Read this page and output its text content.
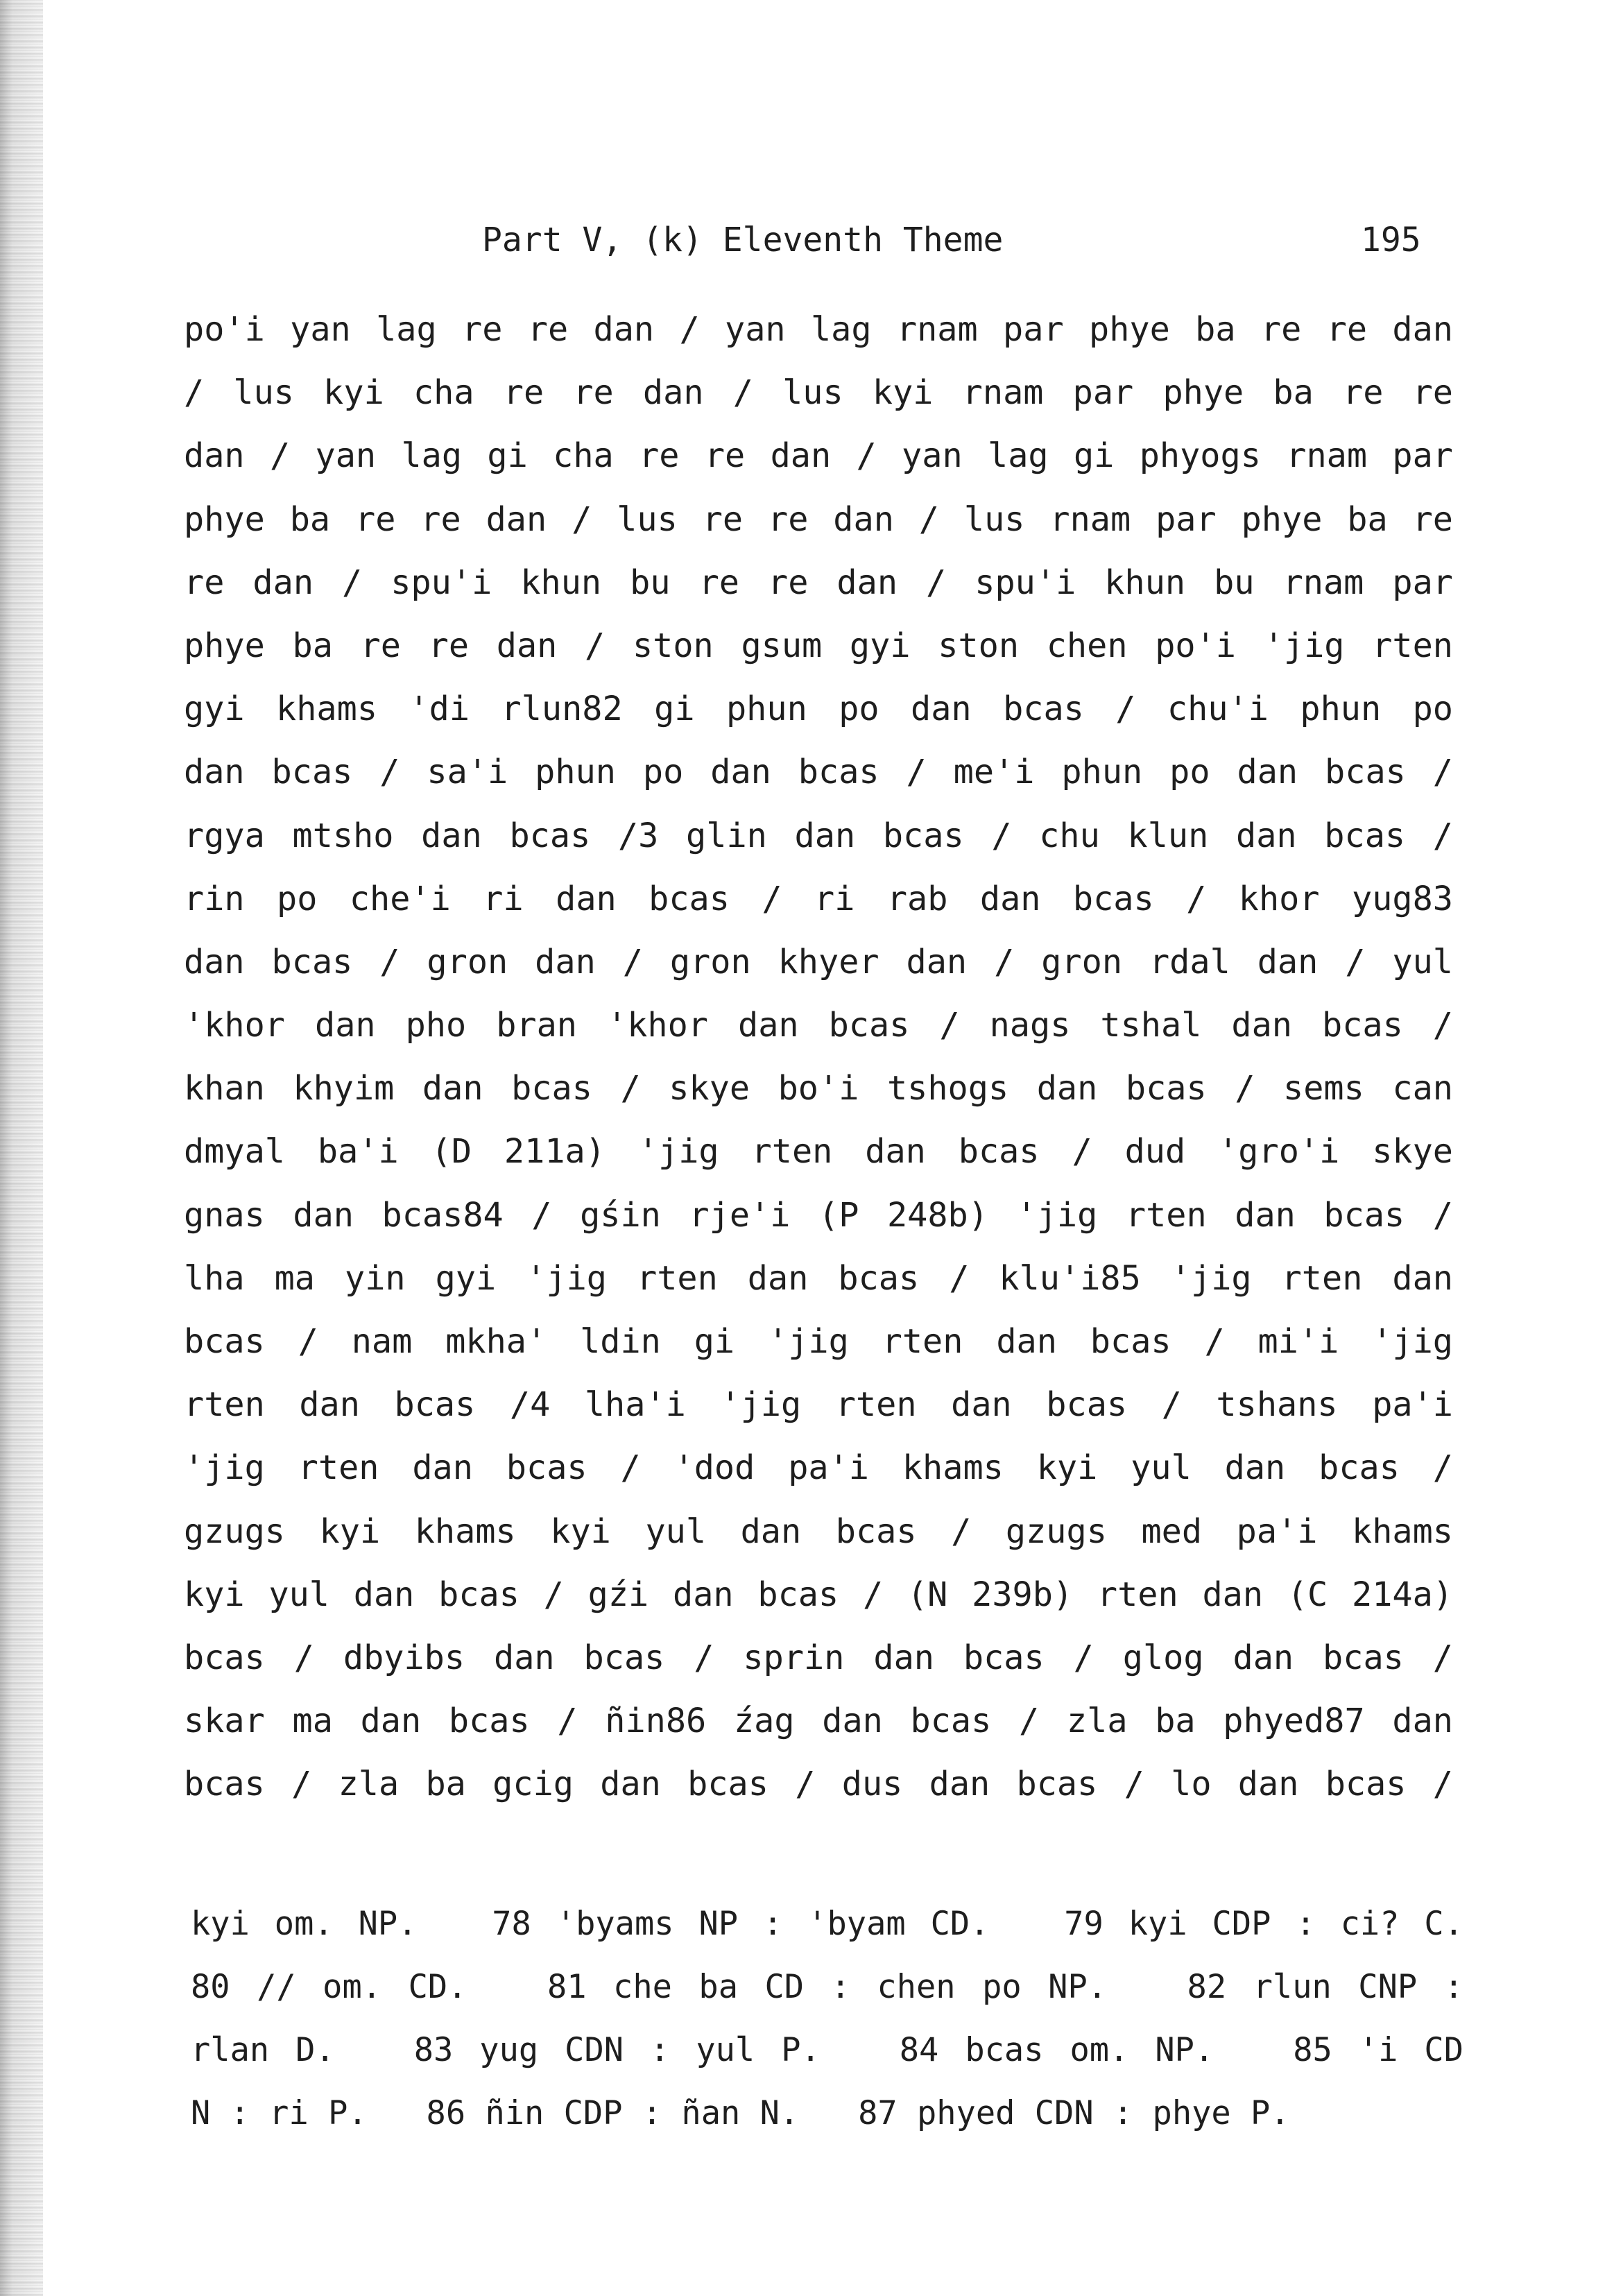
Part V, (k) Eleventh Theme	195
po'i yan lag re re dan / yan lag rnam par phye ba re re dan
/ lus kyi cha re re dan / lus kyi rnam par phye ba re re
dan / yan lag gi cha re re dan / yan lag gi phyogs rnam par
phye ba re re dan / lus re re dan / lus rnam par phye ba re
re dan / spu'i khun bu re re dan / spu'i khun bu rnam par
phye ba re re dan / ston gsum gyi ston chen po'i 'jig rten
gyi khams 'di rlun82 gi phun po dan bcas / chu'i phun po
dan bcas / sa'i phun po dan bcas / me'i phun po dan bcas /
rgya mtsho dan bcas /3 glin dan bcas / chu klun dan bcas /
rin po che'i ri dan bcas / ri rab dan bcas / khor yug83
dan bcas / gron dan / gron khyer dan / gron rdal dan / yul
'khor dan pho bran 'khor dan bcas / nags tshal dan bcas /
khan khyim dan bcas / skye bo'i tshogs dan bcas / sems can
dmyal ba'i (D 211a) 'jig rten dan bcas / dud 'gro'i skye
gnas dan bcas84 / gśin rje'i (P 248b) 'jig rten dan bcas /
lha ma yin gyi 'jig rten dan bcas / klu'i85 'jig rten dan
bcas / nam mkha' ldin gi 'jig rten dan bcas / mi'i 'jig
rten dan bcas /4 lha'i 'jig rten dan bcas / tshans pa'i
'jig rten dan bcas / 'dod pa'i khams kyi yul dan bcas /
gzugs kyi khams kyi yul dan bcas / gzugs med pa'i khams
kyi yul dan bcas / gźi dan bcas / (N 239b) rten dan (C 214a)
bcas / dbyibs dan bcas / sprin dan bcas / glog dan bcas /
skar ma dan bcas / ñin86 źag dan bcas / zla ba phyed87 dan
bcas / zla ba gcig dan bcas / dus dan bcas / lo dan bcas /
kyi om. NP.   78 'byams NP : 'byam CD.   79 kyi CDP : ci? C.
80 // om. CD.   81 che ba CD : chen po NP.   82 rlun CNP :
rlan D.   83 yug CDN : yul P.   84 bcas om. NP.   85 'i CD
N : ri P.   86 ñin CDP : ñan N.   87 phyed CDN : phye P.
